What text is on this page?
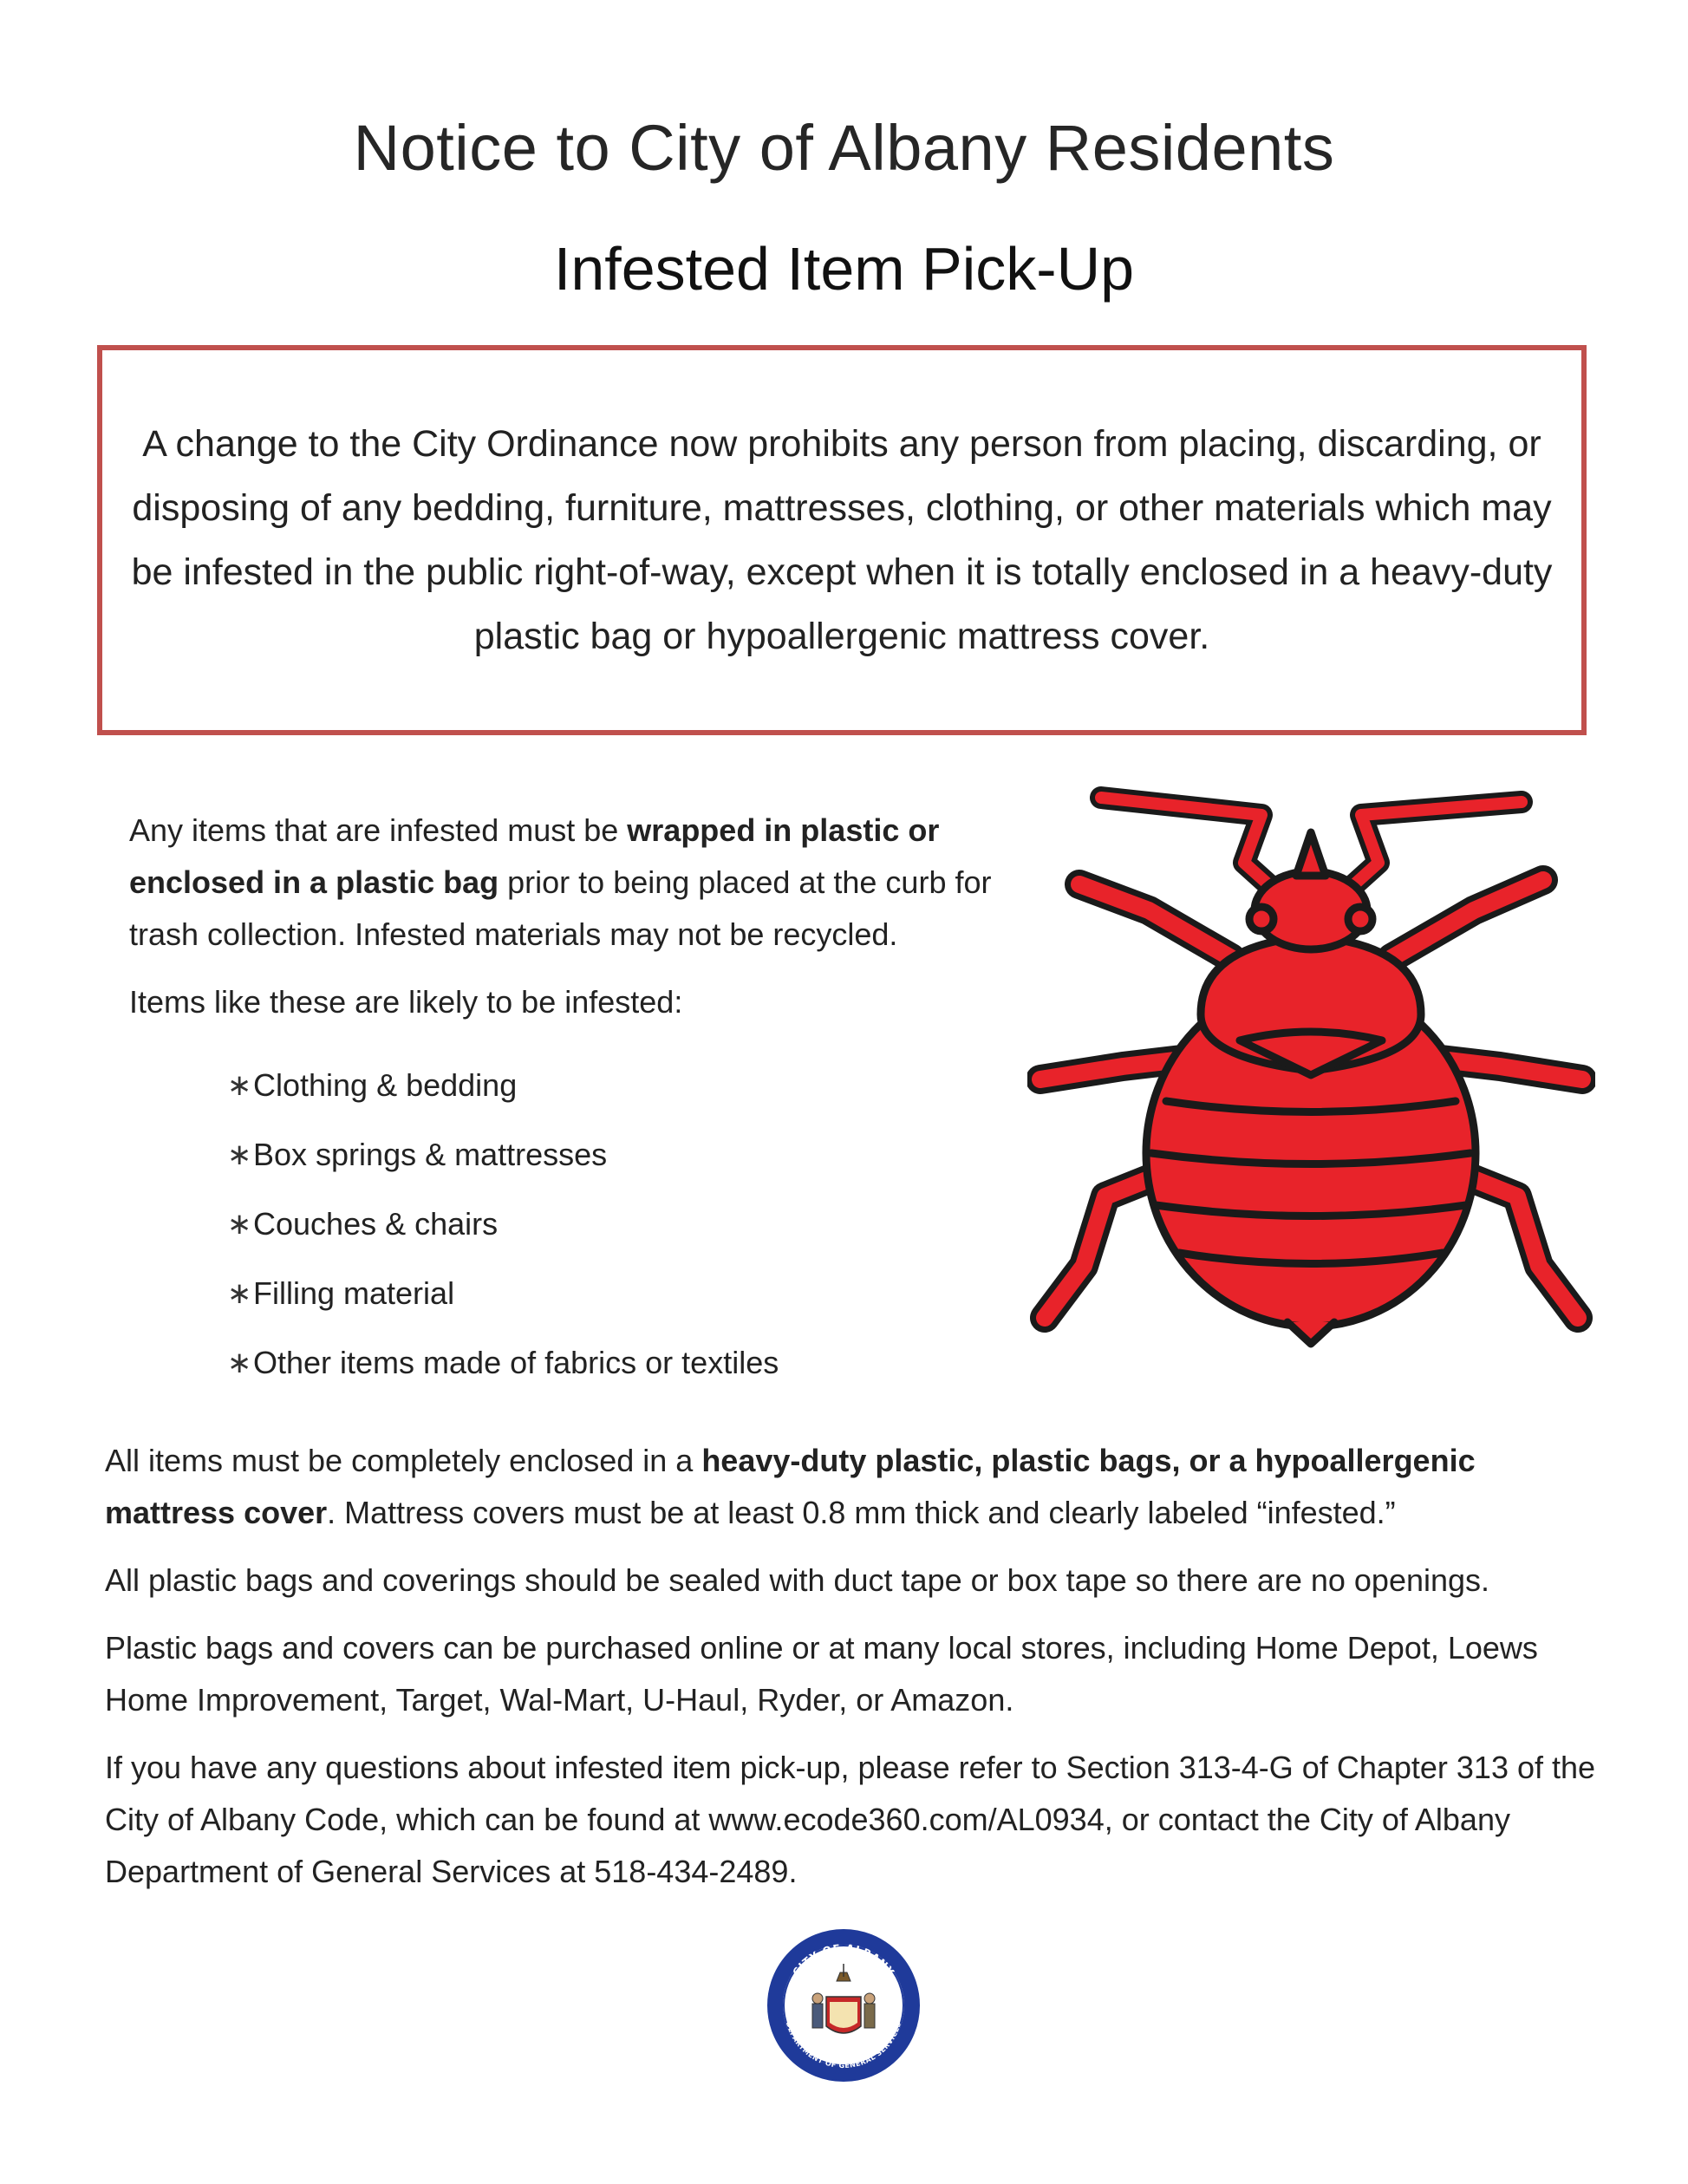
Notice to City of Albany Residents
Infested Item Pick-Up
A change to the City Ordinance now prohibits any person from placing, discarding, or disposing of any bedding, furniture, mattresses, clothing, or other materials which may be infested in the public right-of-way, except when it is totally enclosed in a heavy-duty plastic bag or hypoallergenic mattress cover.

Any items that are infested must be wrapped in plastic or enclosed in a plastic bag prior to being placed at the curb for trash collection. Infested materials may not be recycled.

Items like these are likely to be infested:

∗ Clothing & bedding
∗ Box springs & mattresses
∗ Couches & chairs
∗ Filling material
∗ Other items made of fabrics or textiles

All items must be completely enclosed in a heavy-duty plastic, plastic bags, or a hypoallergenic mattress cover. Mattress covers must be at least 0.8 mm thick and clearly labeled “infested.”

All plastic bags and coverings should be sealed with duct tape or box tape so there are no openings.

Plastic bags and covers can be purchased online or at many local stores, including Home Depot, Loews Home Improvement, Target, Wal-Mart, U-Haul, Ryder, or Amazon.

If you have any questions about infested item pick-up, please refer to Section 313-4-G of Chapter 313 of the City of Albany Code, which can be found at www.ecode360.com/AL0934, or contact the City of Albany Department of General Services at 518-434-2489.

CITY OF ALBANY
DEPARTMENT OF GENERAL SERVICES
